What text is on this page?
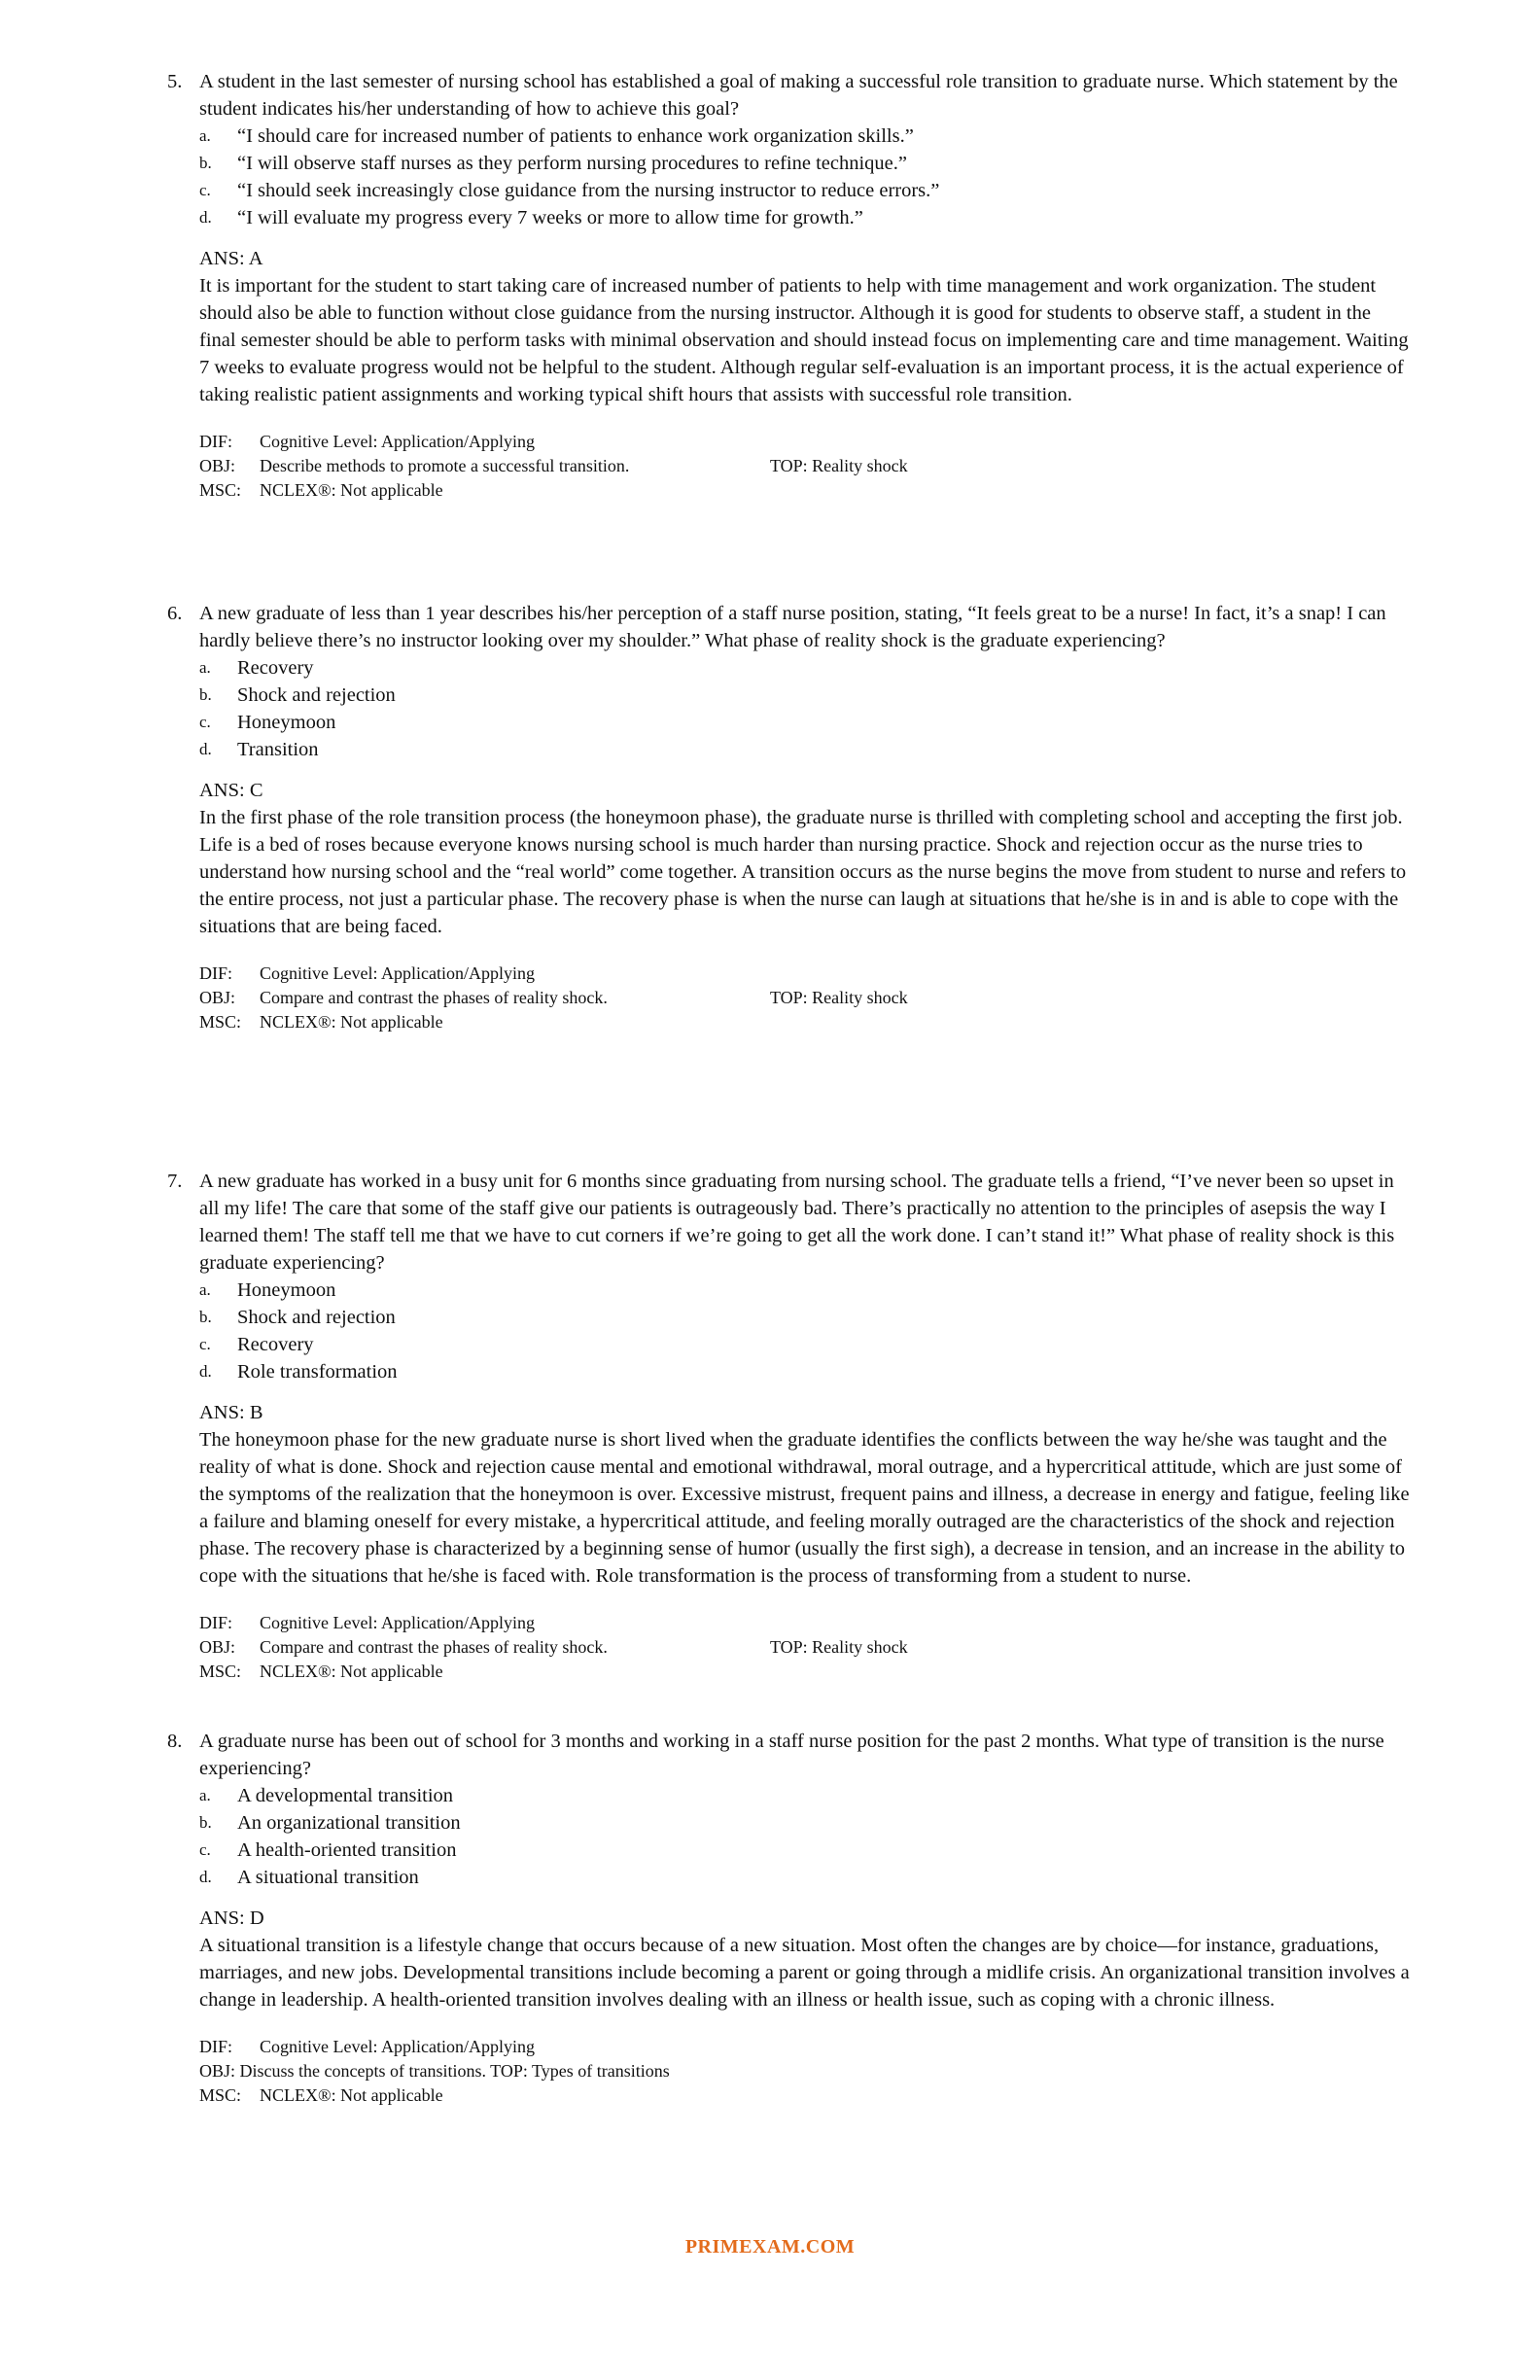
5. A student in the last semester of nursing school has established a goal of making a successful role transition to graduate nurse. Which statement by the student indicates his/her understanding of how to achieve this goal?

a. “I should care for increased number of patients to enhance work organization skills.”
b. “I will observe staff nurses as they perform nursing procedures to refine technique.”
c. “I should seek increasingly close guidance from the nursing instructor to reduce errors.”
d. “I will evaluate my progress every 7 weeks or more to allow time for growth.”
ANS: A

It is important for the student to start taking care of increased number of patients to help with time management and work organization. The student should also be able to function without close guidance from the nursing instructor. Although it is good for students to observe staff, a student in the final semester should be able to perform tasks with minimal observation and should instead focus on implementing care and time management. Waiting 7 weeks to evaluate progress would not be helpful to the student. Although regular self-evaluation is an important process, it is the actual experience of taking realistic patient assignments and working typical shift hours that assists with successful role transition.

DIF: Cognitive Level: Application/Applying
OBJ: Describe methods to promote a successful transition.	TOP: Reality shock
MSC: NCLEX®: Not applicable
6. A new graduate of less than 1 year describes his/her perception of a staff nurse position, stating, “It feels great to be a nurse! In fact, it’s a snap! I can hardly believe there’s no instructor looking over my shoulder.” What phase of reality shock is the graduate experiencing?

a. Recovery
b. Shock and rejection
c. Honeymoon
d. Transition
ANS: C

In the first phase of the role transition process (the honeymoon phase), the graduate nurse is thrilled with completing school and accepting the first job. Life is a bed of roses because everyone knows nursing school is much harder than nursing practice. Shock and rejection occur as the nurse tries to understand how nursing school and the “real world” come together. A transition occurs as the nurse begins the move from student to nurse and refers to the entire process, not just a particular phase. The recovery phase is when the nurse can laugh at situations that he/she is in and is able to cope with the situations that are being faced.

DIF: Cognitive Level: Application/Applying
OBJ: Compare and contrast the phases of reality shock.	TOP: Reality shock
MSC: NCLEX®: Not applicable
7. A new graduate has worked in a busy unit for 6 months since graduating from nursing school. The graduate tells a friend, “I’ve never been so upset in all my life! The care that some of the staff give our patients is outrageously bad. There’s practically no attention to the principles of asepsis the way I learned them! The staff tell me that we have to cut corners if we’re going to get all the work done. I can’t stand it!” What phase of reality shock is this graduate experiencing?

a. Honeymoon
b. Shock and rejection
c. Recovery
d. Role transformation
ANS: B

The honeymoon phase for the new graduate nurse is short lived when the graduate identifies the conflicts between the way he/she was taught and the reality of what is done. Shock and rejection cause mental and emotional withdrawal, moral outrage, and a hypercritical attitude, which are just some of the symptoms of the realization that the honeymoon is over. Excessive mistrust, frequent pains and illness, a decrease in energy and fatigue, feeling like a failure and blaming oneself for every mistake, a hypercritical attitude, and feeling morally outraged are the characteristics of the shock and rejection phase. The recovery phase is characterized by a beginning sense of humor (usually the first sigh), a decrease in tension, and an increase in the ability to cope with the situations that he/she is faced with. Role transformation is the process of transforming from a student to nurse.

DIF: Cognitive Level: Application/Applying
OBJ: Compare and contrast the phases of reality shock.	TOP: Reality shock
MSC: NCLEX®: Not applicable
8. A graduate nurse has been out of school for 3 months and working in a staff nurse position for the past 2 months. What type of transition is the nurse experiencing?

a. A developmental transition
b. An organizational transition
c. A health-oriented transition
d. A situational transition
ANS: D

A situational transition is a lifestyle change that occurs because of a new situation. Most often the changes are by choice—for instance, graduations, marriages, and new jobs. Developmental transitions include becoming a parent or going through a midlife crisis. An organizational transition involves a change in leadership. A health-oriented transition involves dealing with an illness or health issue, such as coping with a chronic illness.

DIF: Cognitive Level: Application/Applying
OBJ: Discuss the concepts of transitions. TOP: Types of transitions
MSC: NCLEX®: Not applicable
PRIMEXAM.COM
